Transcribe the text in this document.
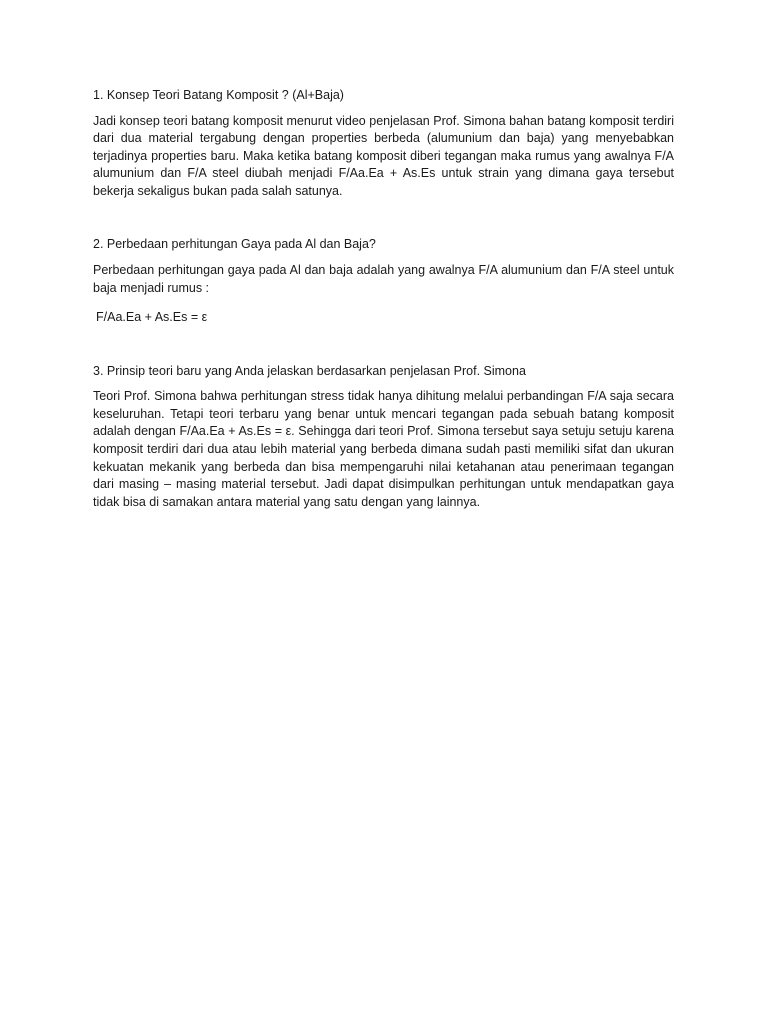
1. Konsep Teori Batang Komposit ? (Al+Baja)

Jadi konsep teori batang komposit menurut video penjelasan Prof. Simona bahan batang komposit terdiri dari dua material tergabung dengan properties berbeda (alumunium dan baja) yang menyebabkan terjadinya properties baru. Maka ketika batang komposit diberi tegangan maka rumus yang awalnya F/A alumunium dan F/A steel diubah menjadi F/Aa.Ea + As.Es untuk strain yang dimana gaya tersebut bekerja sekaligus bukan pada salah satunya.

2. Perbedaan perhitungan Gaya pada Al dan Baja?

Perbedaan perhitungan gaya pada Al dan baja adalah yang awalnya F/A alumunium dan F/A steel untuk baja menjadi rumus :

F/Aa.Ea + As.Es = ε

3. Prinsip teori baru yang Anda jelaskan berdasarkan penjelasan Prof. Simona

Teori Prof. Simona bahwa perhitungan stress tidak hanya dihitung melalui perbandingan F/A saja secara keseluruhan. Tetapi teori terbaru yang benar untuk mencari tegangan pada sebuah batang komposit adalah dengan F/Aa.Ea + As.Es = ε. Sehingga dari teori Prof. Simona tersebut saya setuju setuju karena komposit terdiri dari dua atau lebih material yang berbeda dimana sudah pasti memiliki sifat dan ukuran kekuatan mekanik yang berbeda dan bisa mempengaruhi nilai ketahanan atau penerimaan tegangan dari masing – masing material tersebut. Jadi dapat disimpulkan perhitungan untuk mendapatkan gaya tidak bisa di samakan antara material yang satu dengan yang lainnya.
